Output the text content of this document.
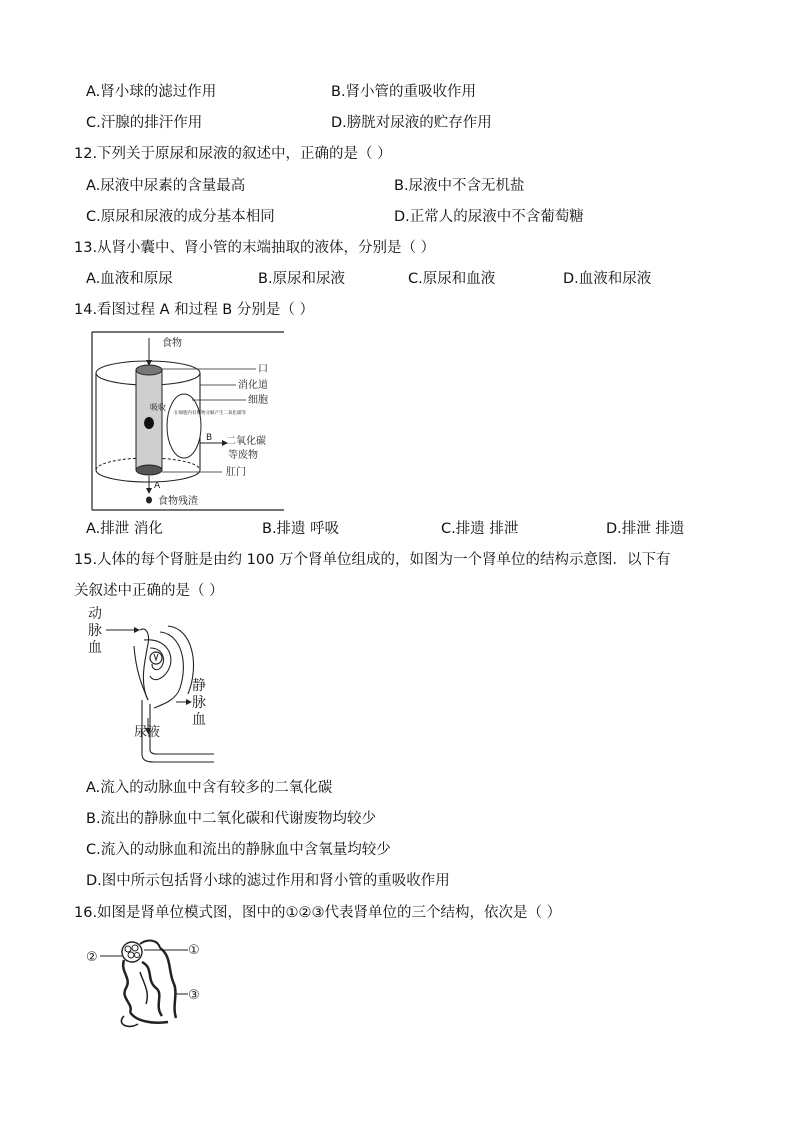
A.肾小球的滤过作用	B.肾小管的重吸收作用
C.汗腺的排汗作用	D.膀胱对尿液的贮存作用
12.下列关于原尿和尿液的叙述中，正确的是（ ）
A.尿液中尿素的含量最高	B.尿液中不含无机盐
C.原尿和尿液的成分基本相同	D.正常人的尿液中不含葡萄糖
13.从肾小囊中、肾小管的末端抽取的液体，分别是（ ）
A.血液和原尿	B.原尿和尿液	C.原尿和血液	D.血液和尿液
14.看图过程 A 和过程 B 分别是（ ）
在细胞内有机物分解产生二氧化碳等
食物
吸收
B 二氧化碳
等废物
口
消化道
细胞
肛门
A
食物残渣
A.排泄 消化	B.排遗 呼吸	C.排遗 排泄	D.排泄 排遗
15.人体的每个肾脏是由约 100 万个肾单位组成的，如图为一个肾单位的结构示意图．以下有
关叙述中正确的是（ ）
动
脉
血
静
脉
血
尿液
A.流入的动脉血中含有较多的二氧化碳
B.流出的静脉血中二氧化碳和代谢废物均较少
C.流入的动脉血和流出的静脉血中含氧量均较少
D.图中所示包括肾小球的滤过作用和肾小管的重吸收作用
16.如图是肾单位模式图，图中的①②③代表肾单位的三个结构，依次是（ ）
②	①
③
